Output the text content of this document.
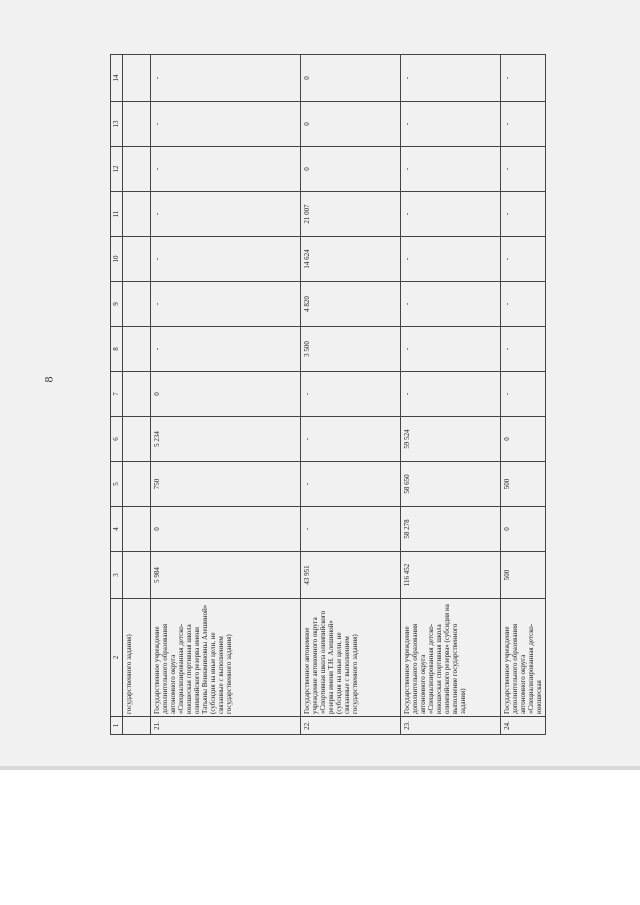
8
1	2	3	4	5	6	7	8	9	10	11	12	13	14
	государственного задания)												
21.	Государственное учреждение дополнительного образования автономного округа «Специализированная детско-юношеская спортивная школа олимпийского резерва имени Татьяны Вениаминовны Алешиной» (субсидия на иные цели, не связанные с выполнением государственного задания)	5 984	0	750	5 234	0	-	-	-	-	-	-	-
22.	Государственное автономное учреждение автономного округа «Спортивная школа олимпийского резерва имени Т.Н. Алешиной» (субсидия на иные цели, не связанные с выполнением государственного задания)	43 951	-	-	-	-	3 500	4 820	14 624	21 007	0	0	0
23.	Государственное учреждение дополнительного образования автономного округа «Специализированная детско-юношеская спортивная школа олимпийского резерва» (субсидия на выполнение государственного задания)	116 452	58 278	58 650	59 524	-	-	-	-	-	-	-	-
24.	Государственное учреждение дополнительного образования автономного округа «Специализированная детско-юношеская	500	0	500	0	-	-	-	-	-	-	-	-
